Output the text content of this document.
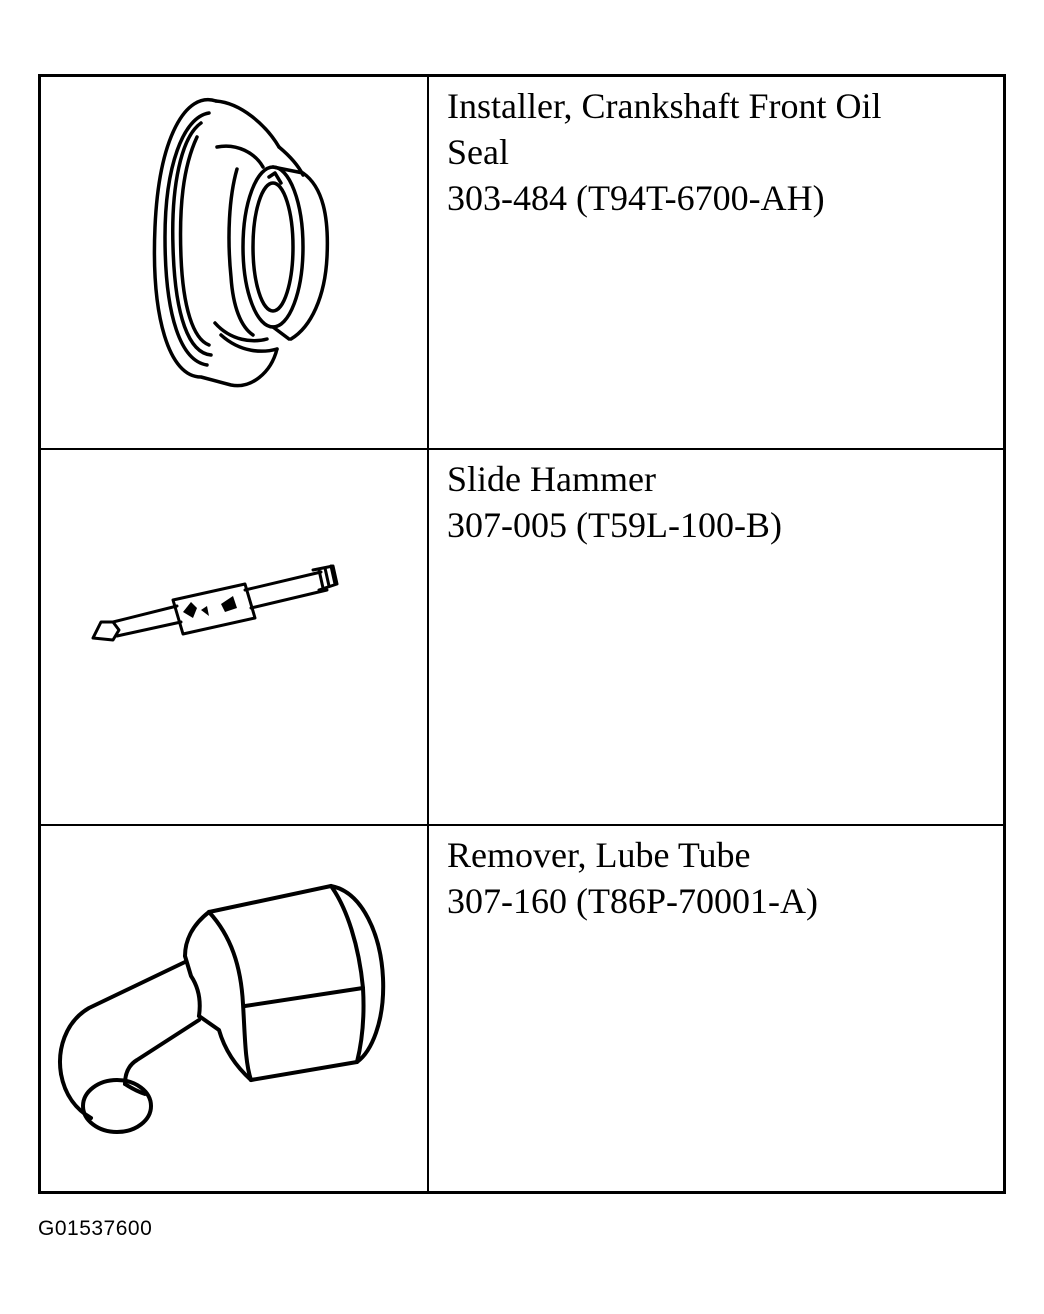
Installer, Crankshaft Front Oil
Seal
303-484 (T94T-6700-AH)
Slide Hammer
307-005 (T59L-100-B)
Remover, Lube Tube
307-160 (T86P-70001-A)
G01537600
